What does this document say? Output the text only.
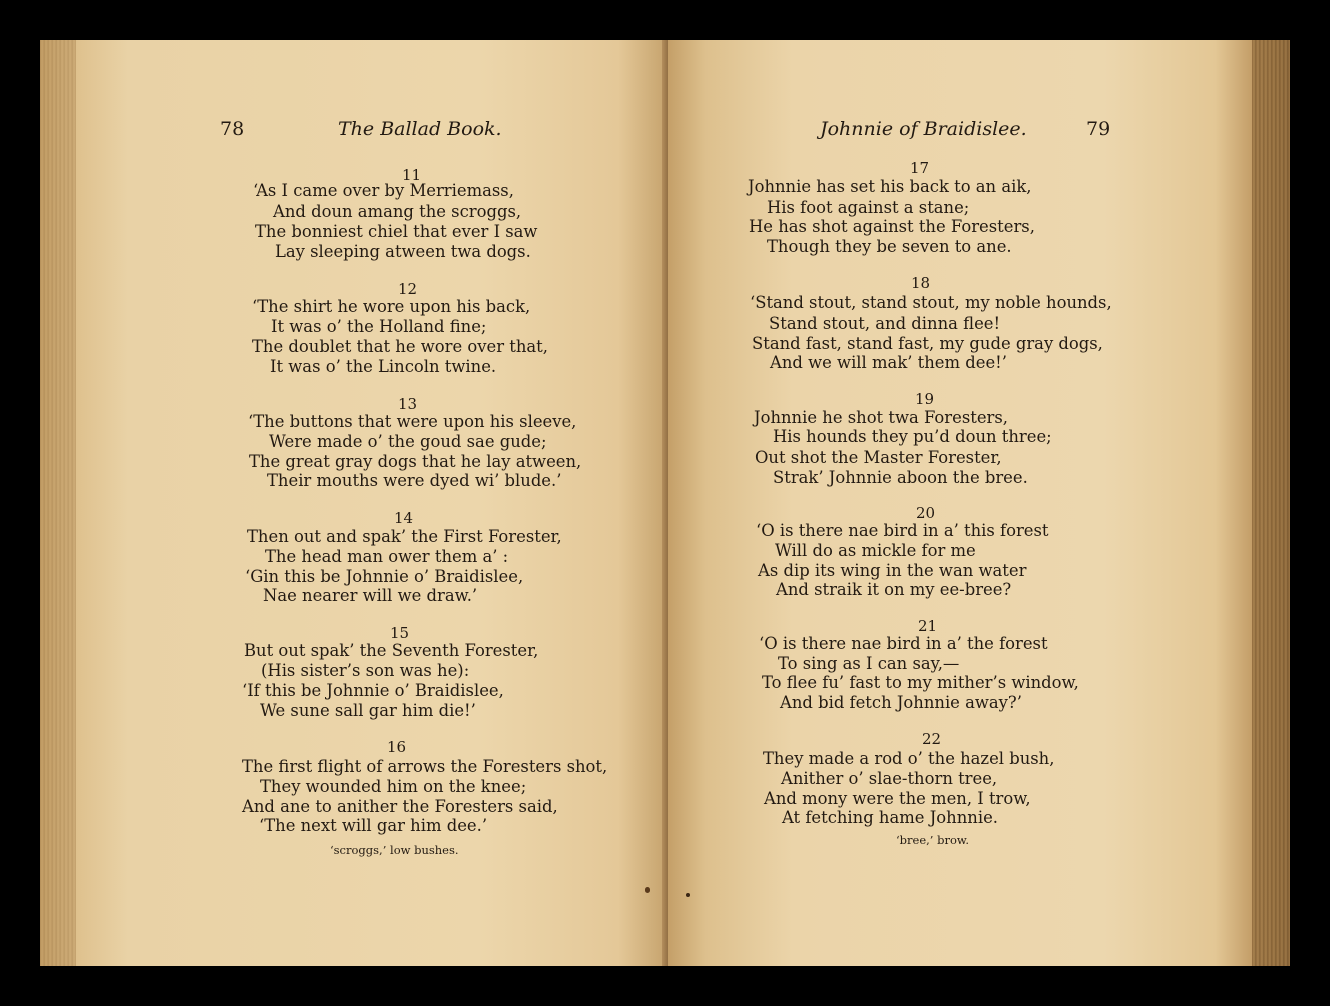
78	The Ballad Book.
11
‘As I came over by Merriemass,
And doun amang the scroggs,
The bonniest chiel that ever I saw
Lay sleeping atween twa dogs.
12
‘The shirt he wore upon his back,
It was o’ the Holland fine;
The doublet that he wore over that,
It was o’ the Lincoln twine.
13
‘The buttons that were upon his sleeve,
Were made o’ the goud sae gude;
The great gray dogs that he lay atween,
Their mouths were dyed wi’ blude.’
14
Then out and spak’ the First Forester,
The head man ower them a’ :
‘Gin this be Johnnie o’ Braidislee,
Nae nearer will we draw.’
15
But out spak’ the Seventh Forester,
(His sister’s son was he):
‘If this be Johnnie o’ Braidislee,
We sune sall gar him die!’
16
The first flight of arrows the Foresters shot,
They wounded him on the knee;
And ane to anither the Foresters said,
‘The next will gar him dee.’
‘scroggs,’ low bushes.
Johnnie of Braidislee.	79
17
Johnnie has set his back to an aik,
His foot against a stane;
He has shot against the Foresters,
Though they be seven to ane.
18
‘Stand stout, stand stout, my noble hounds,
Stand stout, and dinna flee!
Stand fast, stand fast, my gude gray dogs,
And we will mak’ them dee!’
19
Johnnie he shot twa Foresters,
His hounds they pu’d doun three;
Out shot the Master Forester,
Strak’ Johnnie aboon the bree.
20
‘O is there nae bird in a’ this forest
Will do as mickle for me
As dip its wing in the wan water
And straik it on my ee-bree?
21
‘O is there nae bird in a’ the forest
To sing as I can say,—
To flee fu’ fast to my mither’s window,
And bid fetch Johnnie away?’
22
They made a rod o’ the hazel bush,
Anither o’ slae-thorn tree,
And mony were the men, I trow,
At fetching hame Johnnie.
‘bree,’ brow.
